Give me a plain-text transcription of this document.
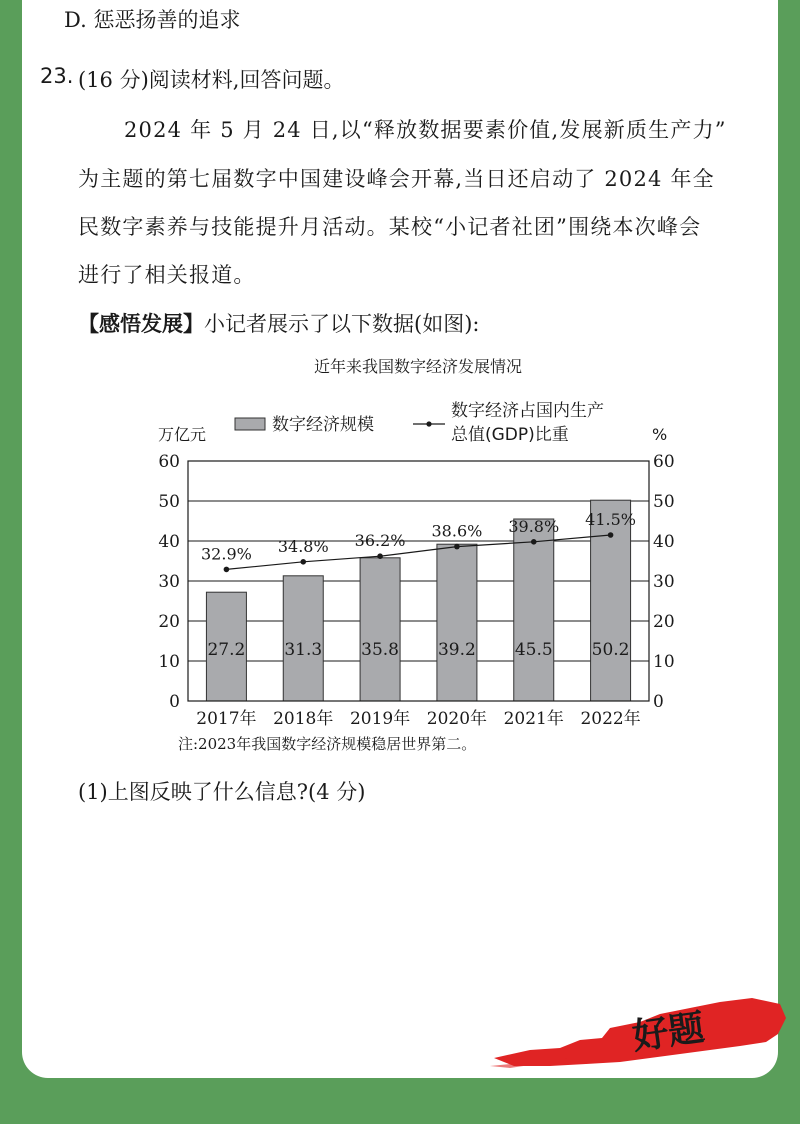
D. 惩恶扬善的追求
23. (16 分)阅读材料,回答问题。
2024 年 5 月 24 日,以“释放数据要素价值,发展新质生产力”
为主题的第七届数字中国建设峰会开幕,当日还启动了 2024 年全
民数字素养与技能提升月活动。某校“小记者社团”围绕本次峰会
进行了相关报道。
【感悟发展】小记者展示了以下数据(如图):
近年来我国数字经济发展情况
数字经济规模
数字经济占国内生产
总值(GDP)比重
万亿元	%
27.2 31.3 35.8 39.2 45.5 50.2
32.9% 34.8% 36.2%
38.6% 39.8% 41.5%
0	0
10	10
20	20
30	30
40	40
50	50
60	60
2017年 2018年 2019年 2020年 2021年 2022年
注:2023年我国数字经济规模稳居世界第二。
(1)上图反映了什么信息?(4 分)
好题
